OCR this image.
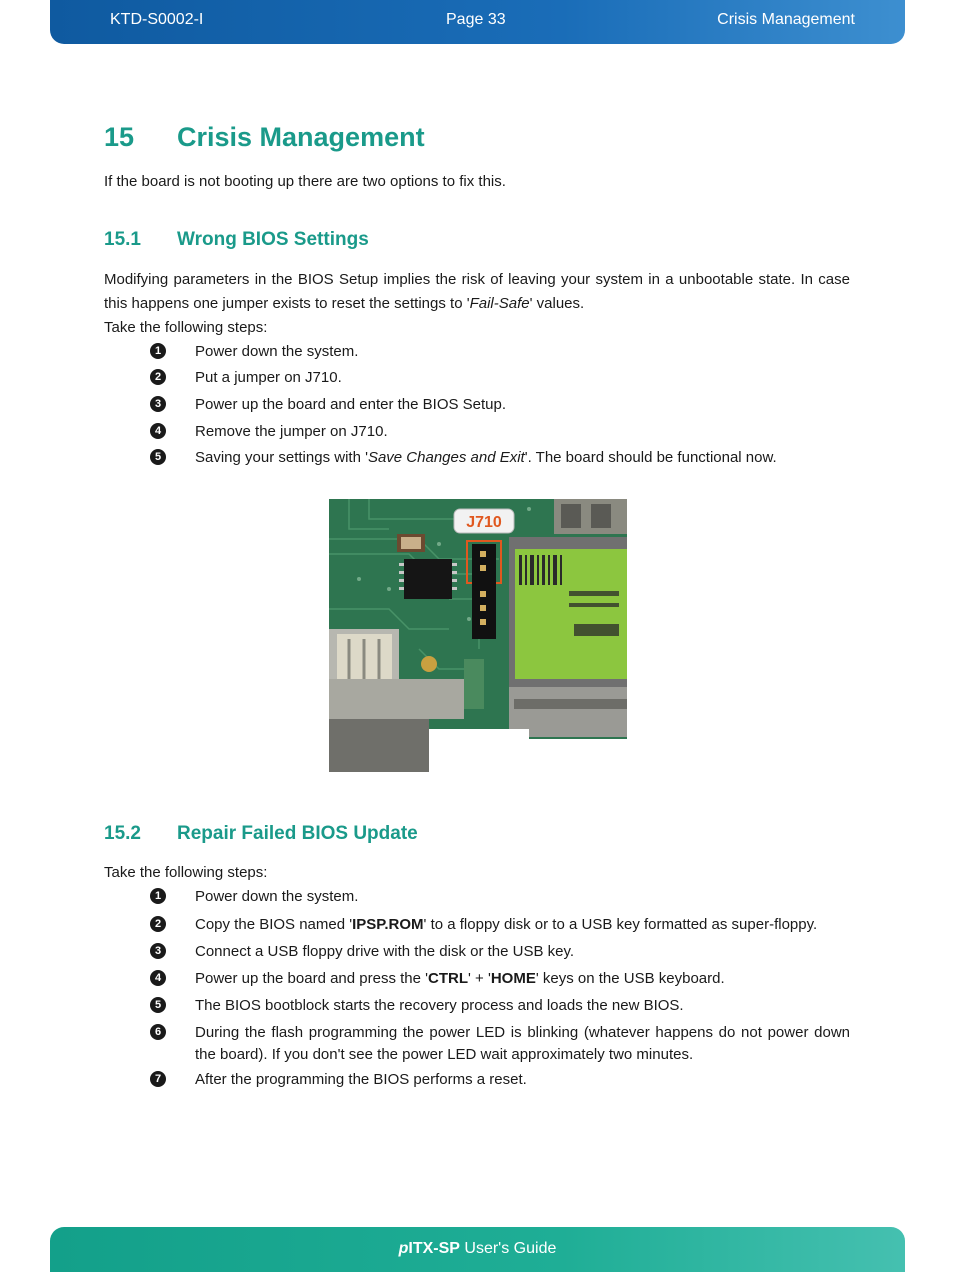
KTD-S0002-I	Page 33	Crisis Management
15 Crisis Management
If the board is not booting up there are two options to fix this.
15.1 Wrong BIOS Settings
Modifying parameters in the BIOS Setup implies the risk of leaving your system in a unbootable state. In case this happens one jumper exists to reset the settings to 'Fail-Safe' values.
Take the following steps:
1	Power down the system.
2	Put a jumper on J710.
3	Power up the board and enter the BIOS Setup.
4	Remove the jumper on J710.
5	Saving your settings with 'Save Changes and Exit'. The board should be functional now.
J710
15.2 Repair Failed BIOS Update
Take the following steps:
1	Power down the system.
2	Copy the BIOS named 'IPSP.ROM' to a floppy disk or to a USB key formatted as super-floppy.
3	Connect a USB floppy drive with the disk or the USB key.
4	Power up the board and press the 'CTRL' + 'HOME' keys on the USB keyboard.
5	The BIOS bootblock starts the recovery process and loads the new BIOS.
6	During the flash programming the power LED is blinking (whatever happens do not power down the board). If you don't see the power LED wait approximately two minutes.
7	After the programming the BIOS performs a reset.
pITX-SP User's Guide
